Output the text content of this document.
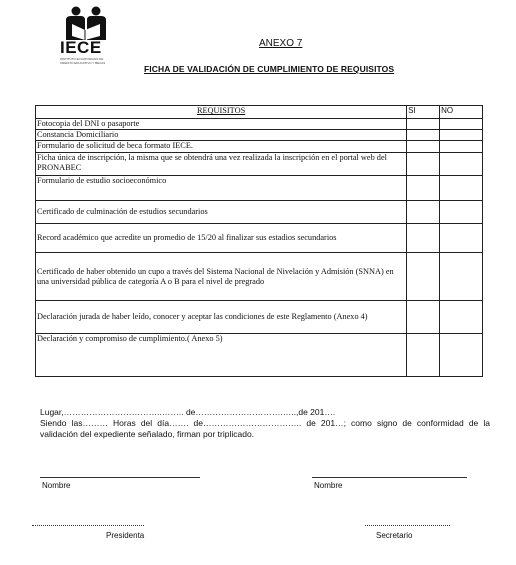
IECE
INSTITUTO ECUATORIANO DE CRÉDITO EDUCATIVO Y BECAS
ANEXO 7
FICHA DE VALIDACIÓN DE CUMPLIMIENTO DE REQUISITOS
REQUISITOS	SI	NO
Fotocopia del DNI o pasaporte		
Constancia Domiciliario		
Formulario de solicitud de beca formato IECE.		
Ficha única de inscripción, la misma que se obtendrá una vez realizada la inscripción en el portal web del PRONABEC		
Formulario de estudio socioeconómico		
Certificado de culminación de estudios secundarios		
Record académico que acredite un promedio de 15/20 al finalizar sus estadios secundarios		
Certificado de haber obtenido un cupo a través del Sistema Nacional de Nivelación y Admisión (SNNA) en una universidad pública de categoría A o B para el nivel de pregrado		
Declaración jurada de haber leído, conocer y aceptar las condiciones de este Reglamento (Anexo 4)		
Declaración y compromiso de cumplimiento.( Anexo 5)		

Lugar,……………………………..…….. de………………………….…..,de 201….

Siendo las……… Horas del día……. de…………………………….. de 201…; como signo de conformidad de la validación del expediente señalado, firman por triplicado.

Nombre	Nombre
Presidenta	Secretario
